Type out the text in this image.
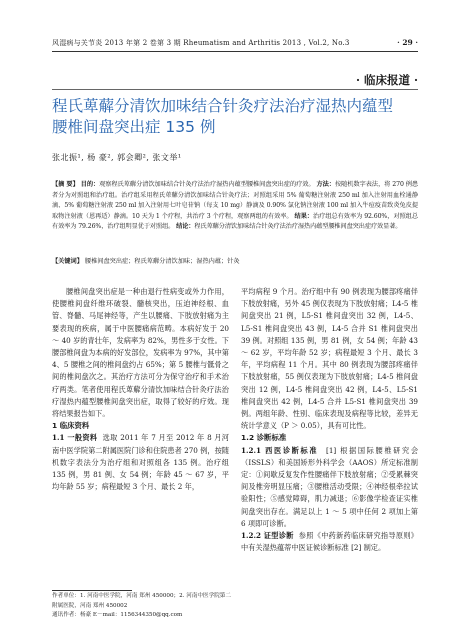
风湿病与关节炎 2013 年第 2 卷第 3 期 Rheumatism and Arthritis 2013 , Vol.2, No.3	· 29 ·
· 临床报道 ·
程氏萆薢分清饮加味结合针灸疗法治疗湿热内蕴型
腰椎间盘突出症 135 例
张北振¹, 杨 豪², 郭会卿², 张文举¹
【摘 要】 目的：观察程氏萆薢分清饮加味结合针灸疗法治疗湿热内蕴型腰椎间盘突出症的疗效。 方法：按随机数字表法，将 270 例患者分为对照组和治疗组。治疗组采用程氏萆薢分清饮加味结合针灸疗法；对照组采用 5% 葡萄糖注射液 250 ml 加入注射用血栓通静滴、5% 葡萄糖注射液 250 ml 加入注射用七叶皂苷钠（每支 10 mg）静滴及 0.90% 氯化钠注射液 100 ml 加入牛痘疫苗致炎兔皮提取物注射液（恩再适）静滴。10 天为 1 个疗程，共治疗 3 个疗程，观察两组的有效率。 结果：治疗组总有效率为 92.60%，对照组总有效率为 79.26%，治疗组明显优于对照组。 结论：程氏萆薢分清饮加味结合针灸疗法治疗湿热内蕴型腰椎间盘突出症疗效显著。
【关键词】 腰椎间盘突出症；程氏萆薢分清饮加味；湿热内蕴；针灸

腰椎间盘突出症是一种由退行性病变或外力作用，使腰椎间盘纤维环破裂、髓核突出，压迫神经根、血管、脊髓、马尾神经等，产生以腰痛、下肢放射痛为主要表现的疾病，属于中医腰痛病范畴。本病好发于 20 ～ 40 岁的青壮年，发病率为 82%，男性多于女性。下腰部椎间盘为本病的好发部位，发病率为 97%，其中第 4、5 腰椎之间的椎间盘约占 65%；第 5 腰椎与骶骨之间的椎间盘次之。其治疗方法可分为保守治疗和手术治疗两类。笔者使用程氏萆薢分清饮加味结合针灸疗法治疗湿热内蕴型腰椎间盘突出症，取得了较好的疗效。现将结果报告如下。

1 临床资料

1.1 一般资料 选取 2011 年 7 月至 2012 年 8 月河南中医学院第二附属医院门诊和住院患者 270 例，按随机数字表法分为治疗组和对照组各 135 例。治疗组 135 例，男 81 例、女 54 例；年龄 45 ～ 67 岁，平均年龄 55 岁；病程最短 3 个月、最长 2 年，

平均病程 9 个月。治疗组中有 90 例表现为腰部疼痛伴下肢放射痛，另外 45 例仅表现为下肢放射痛；L4-5 椎间盘突出 21 例，L5-S1 椎间盘突出 32 例，L4-5、L5-S1 椎间盘突出 43 例，L4-5 合并 S1 椎间盘突出 39 例。对照组 135 例，男 81 例，女 54 例；年龄 43 ～ 62 岁，平均年龄 52 岁；病程最短 3 个月、最长 3 年，平均病程 11 个月。其中 80 例表现为腰部疼痛伴下肢放射痛，55 例仅表现为下肢放射痛；L4-5 椎间盘突出 12 例，L4-5 椎间盘突出 42 例，L4-5、L5-S1 椎间盘突出 42 例，L4-5 合并 L5-S1 椎间盘突出 39 例。两组年龄、性别、临床表现及病程等比较，差异无统计学意义（P ＞ 0.05），具有可比性。

1.2 诊断标准

1.2.1 西医诊断标准 [1] 根据国际腰椎研究会（ISSLS）和美国矫形外科学会（AAOS）所定标准制定：①间歇反复发作性腰痛伴下肢放射痛；②受累棘突间及椎旁明显压痛；③腰椎活动受限；④神经根牵拉试验阳性；⑤感觉障碍，肌力减退；⑥影像学检查证实椎间盘突出存在。满足以上 1 ～ 5 项中任何 2 项加上第 6 项即可诊断。

1.2.2 证型诊断 参照《中药新药临床研究指导原则》中有关湿热蕴蒂中医证候诊断标准 [2] 制定。

作者单位：1. 河南中医学院，河南 郑州 450000；2. 河南中医学院第二附属医院，河南 郑州 450002
通讯作者：杨豪 E－mail：1156344350@qq.com
